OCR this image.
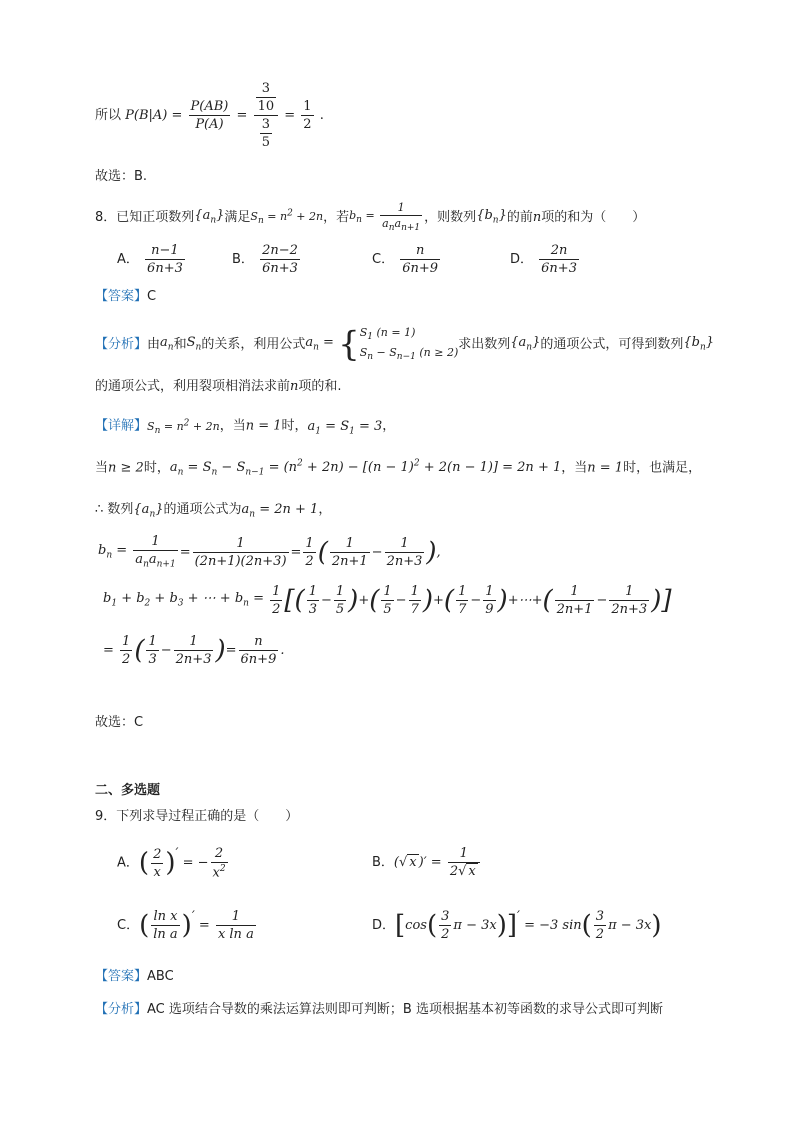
所以 $P(B|A) = \frac{P(AB)}{P(A)} = \frac{\frac{3}{10}}{\frac{3}{5}} = \frac{1}{2}$ .
故选：B.
8．已知正项数列$\{a_n\}$满足$S_n = n^2 + 2n$，若$b_n$ =
1
$a_na_{n+1}$
，则数列$\{b_n\}$的前n项的和为（　　）
A． $\frac{n-1}{6n+3}$	B． $\frac{2n-2}{6n+3}$	C． $\frac{n}{6n+9}$	D． $\frac{2n}{6n+3}$
【答案】C
【分析】由$a_n$和$S_n$的关系，利用公式$a_n$ = { $S_1$ (n = 1)
$S_n - S_{n-1}$ (n ≥ 2) 求出数列$\{a_n\}$的通项公式，可得到数列$\{b_n\}$
的通项公式，利用裂项相消法求前n项的和.
【详解】$S_n = n^2 + 2n$，当n = 1时，$a_1 = S_1 = 3$，
当n ≥ 2时，$a_n = S_n - S_{n-1} = (n^2 + 2n) - [(n - 1)^2 + 2(n - 1)] = 2n + 1$，当n = 1时，也满足，
∴ 数列$\{a_n\}$的通项公式为$a_n = 2n + 1$，
$b_n$ =
1
$a_na_{n+1}$
= $\frac{1}{(2n+1)(2n+3)} = \frac{1}{2}$ ( $\frac{1}{2n+1} - \frac{1}{2n+3}$ ),
$b_1 + b_2 + b_3$ + ⋯ + $b_n = \frac{1}{2}$ [( $\frac{1}{3} - \frac{1}{5}$ )+( $\frac{1}{5} - \frac{1}{7}$ )+( $\frac{1}{7} - \frac{1}{9}$ )+⋯+( $\frac{1}{2n+1} - \frac{1}{2n+3}$ )]
= $\frac{1}{2}$ ( $\frac{1}{3} - \frac{1}{2n+3}$ )= $\frac{n}{6n+9}$ .
故选：C
二、多选题
9．下列求导过程正确的是（　　）
A．( $\frac{2}{x}$ )′ = − $\frac{2}{x^2}$	B．(√ x )′ = $\frac{1}{2√ x}$
C．( $\frac{\text{ln x}}{\text{ln a}}$ )′ = $\frac{1}{\text{x ln a}}$	D．[$\cos( \frac{3}{2}$ π − 3x)]′ = −3 $\sin( \frac{3}{2}$ π − 3x)
【答案】ABC
【分析】AC 选项结合导数的乘法运算法则即可判断；B 选项根据基本初等函数的求导公式即可判断
